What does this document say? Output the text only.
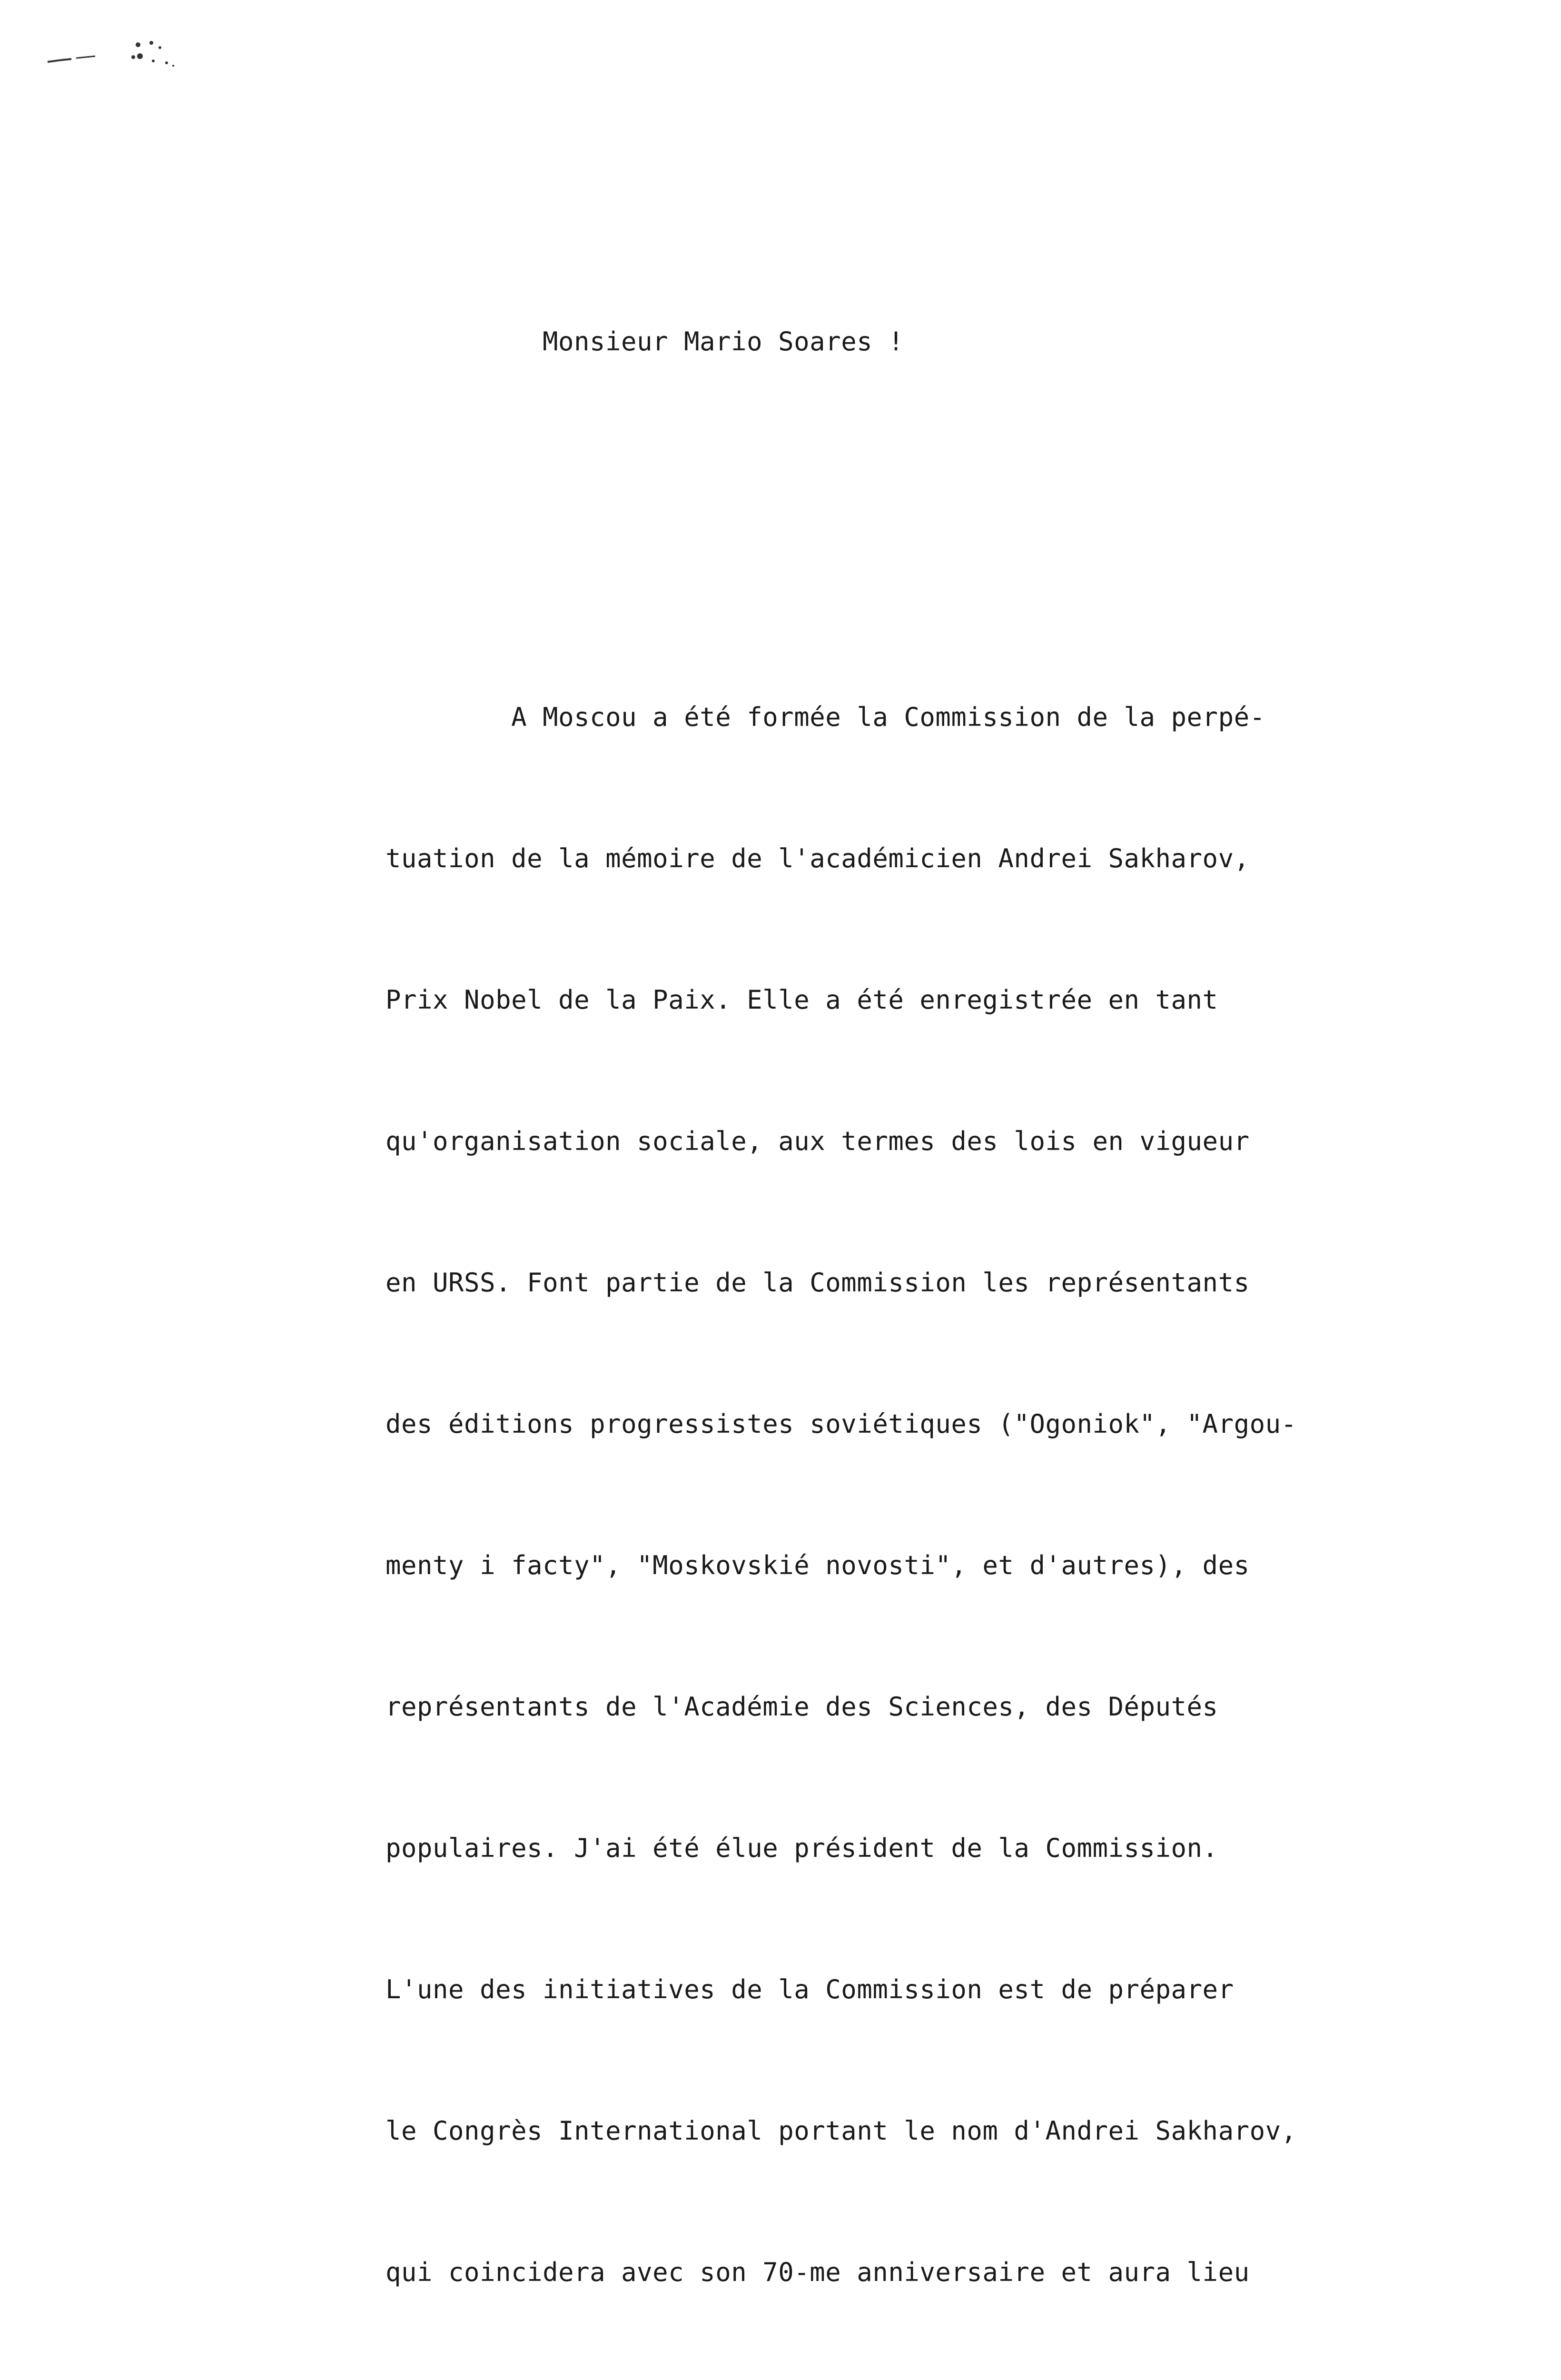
Monsieur Mario Soares !

A Moscou a été formée la Commission de la perpé-

tuation de la mémoire de l'académicien Andrei Sakharov,

Prix Nobel de la Paix. Elle a été enregistrée en tant

qu'organisation sociale, aux termes des lois en vigueur

en URSS. Font partie de la Commission les représentants

des éditions progressistes soviétiques ("Ogoniok", "Argou-

menty i facty", "Moskovskié novosti", et d'autres), des

représentants de l'Académie des Sciences, des Députés

populaires. J'ai été élue président de la Commission.

L'une des initiatives de la Commission est de préparer

le Congrès International portant le nom d'Andrei Sakharov,

qui coincidera avec son 70-me anniversaire et aura lieu
